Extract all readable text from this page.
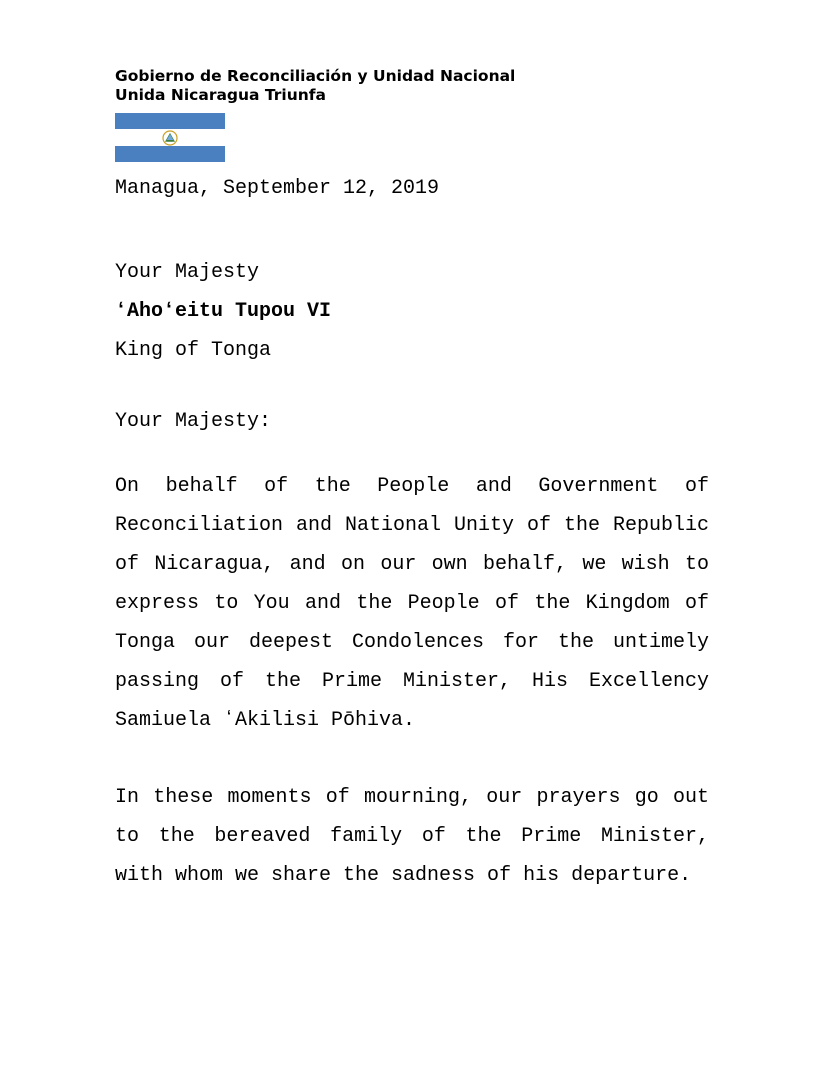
Gobierno de Reconciliación y Unidad Nacional
Unida Nicaragua Triunfa
Managua, September 12, 2019
Your Majesty
ʻAhoʻeitu Tupou VI
King of Tonga
Your Majesty:
On behalf of the People and Government of Reconciliation and National Unity of the Republic of Nicaragua, and on our own behalf, we wish to express to You and the People of the Kingdom of Tonga our deepest Condolences for the untimely passing of the Prime Minister, His Excellency Samiuela ʻAkilisi Pōhiva.
In these moments of mourning, our prayers go out to the bereaved family of the Prime Minister, with whom we share the sadness of his departure.
